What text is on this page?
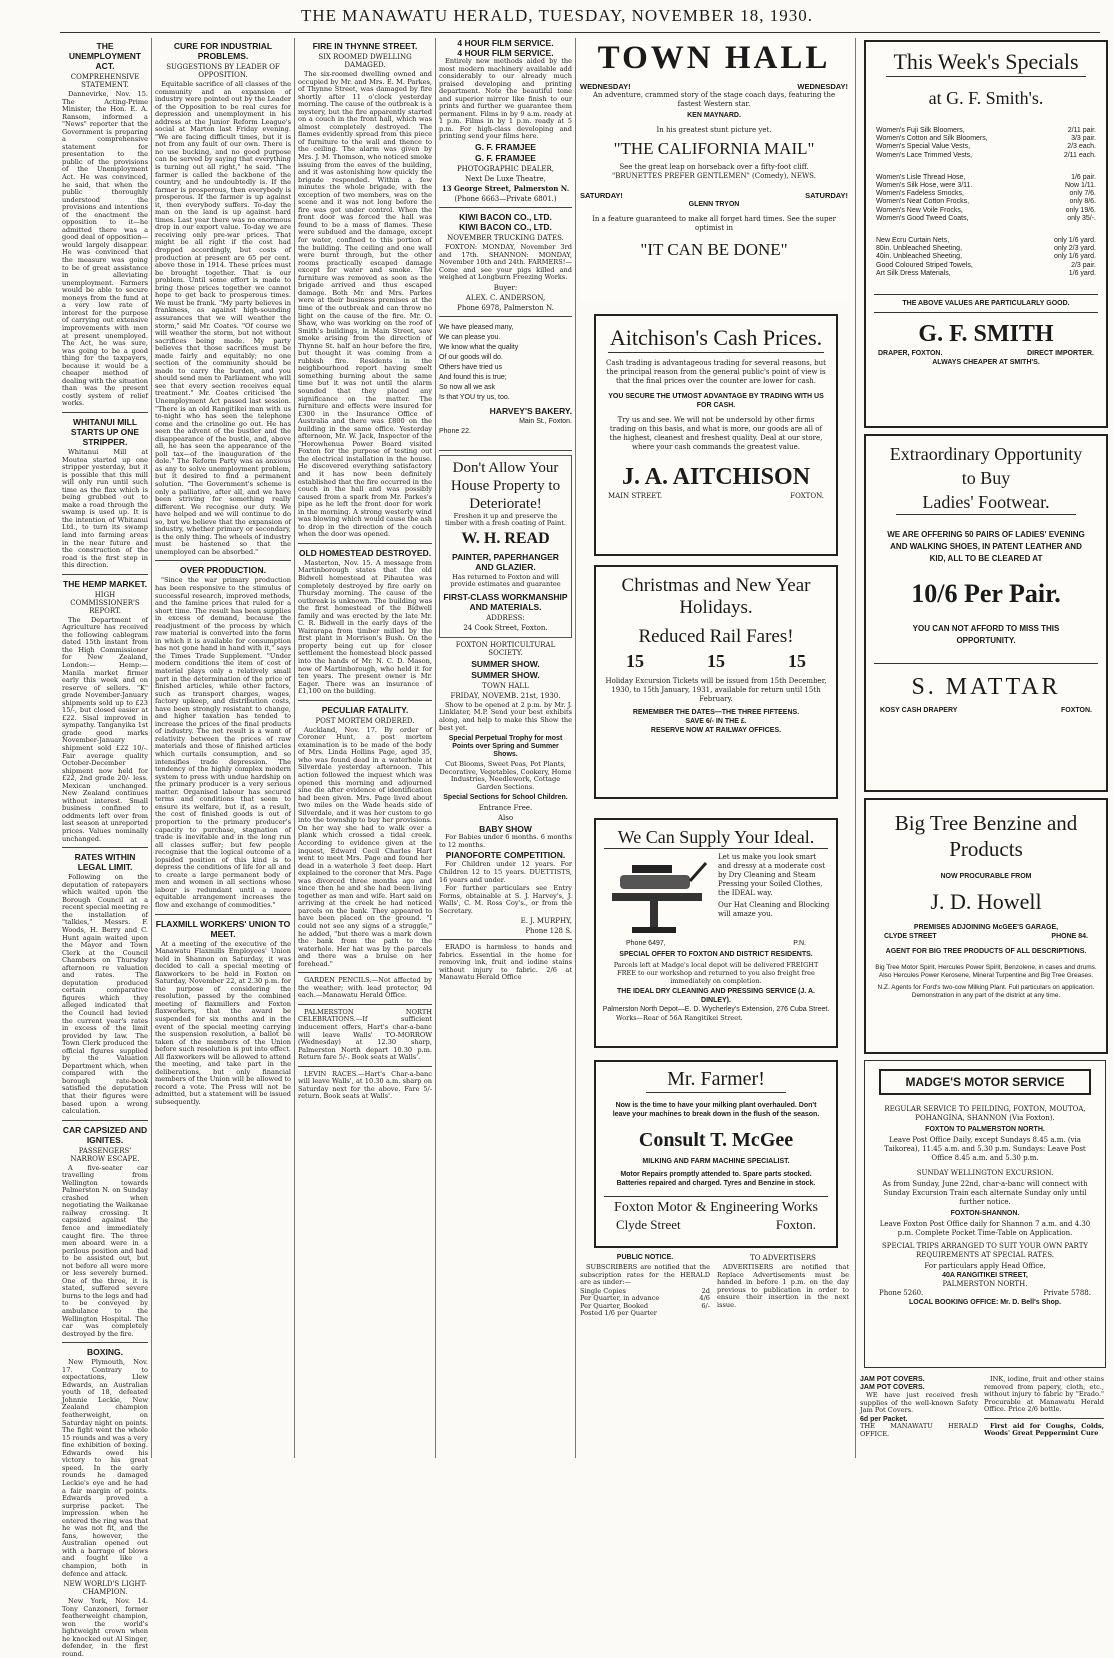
THE MANAWATU HERALD, TUESDAY, NOVEMBER 18, 1930.
THE UNEMPLOYMENT ACT.
COMPREHENSIVE STATEMENT.

Dannevirke, Nov. 15. The Acting-Prime Minister, the Hon. E. A. Ransom, informed a "News" reporter that the Government is preparing a comprehensive statement for presentation to the public of the provisions of the Unemployment Act. He was convinced, he said, that when the public thoroughly understood the provisions and intentions of the enactment the opposition to it—he admitted there was a good deal of opposition—would largely disappear. He was convinced that the measure was going to be of great assistance in alleviating unemployment. Farmers would be able to secure moneys from the fund at a very low rate of interest for the purpose of carrying out extensive improvements with men at present unemployed. The Act, he was sure, was going to be a good thing for the taxpayers, because it would be a cheaper method of dealing with the situation than was the present costly system of relief works.

WHITANUI MILL STARTS UP ONE STRIPPER.

Whitanui Mill at Moutoa started up one stripper yesterday, but it is possible that this mill will only run until such time as the flax which is being grubbed out to make a road through the swamp is used up. It is the intention of Whitanui Ltd., to turn its swamp land into farming areas in the near future and the construction of the road is the first step in this direction.

THE HEMP MARKET.
HIGH COMMISSIONER'S REPORT.

The Department of Agriculture has received the following cablegram dated 15th instant from the High Commissioner for New Zealand, London:— Hemp:—Manila market firmer early this week and on reserve of sellers. "K" grade November-January shipments sold up to £23 15/-, but closed easier at £22. Sisal improved in sympathy. Tanganyika 1st grade good marks November-January shipment sold £22 10/-. Fair average quality October-December shipment now held for £22, 2nd grade 20/- less. Mexican unchanged. New Zealand continues without interest. Small business confined to oddments left over from last season at unreported prices. Values nominally unchanged.

RATES WITHIN LEGAL LIMIT.

Following on the deputation of ratepayers which waited upon the Borough Council at a recent special meeting re the installation of "talkies," Messrs. F. Woods, H. Berry and C. Hunt again waited upon the Mayor and Town Clerk at the Council Chambers on Thursday afternoon re valuation and rates. The deputation produced certain comparative figures which they alleged indicated that the Council had levied the current year's rates in excess of the limit provided by law. The Town Clerk produced the official figures supplied by the Valuation Department which, when compared with the borough rate-book satisfied the deputation that their figures were based upon a wrong calculation.

CAR CAPSIZED AND IGNITES.
PASSENGERS' NARROW ESCAPE.

A five-seater car travelling from Wellington towards Palmerston N. on Sunday crashed when negotiating the Waikanae railway crossing. It capsized against the fence and immediately caught fire. The three men aboard were in a perilous position and had to be assisted out, but not before all were more or less severely burned. One of the three, it is stated, suffered severe burns to the legs and had to be conveyed by ambulance to the Wellington Hospital. The car was completely destroyed by the fire.

BOXING.

New Plymouth, Nov. 17. Contrary to expectations, Llew Edwards, an Australian youth of 18, defeated Johnnie Leckie, New Zealand champion featherweight, on Saturday night on points. The fight went the whole 15 rounds and was a very fine exhibition of boxing. Edwards owed his victory to his great speed. In the early rounds he damaged Leckie's eye and he had a fair margin of points. Edwards proved a surprise packet. The impression when he entered the ring was that he was not fit, and the fans, however, the Australian opened out with a barrage of blows and fought like a champion, both in defence and attack.

NEW WORLD'S LIGHT-CHAMPION.

New York, Nov. 14. Tony Canzoneri, former featherweight champion, won the world's lightweight crown when he knocked out Al Singer, defender, in the first round.

CURE FOR INDUSTRIAL PROBLEMS.
SUGGESTIONS BY LEADER OF OPPOSITION.

Equitable sacrifice of all classes of the community and an expansion of industry were pointed out by the Leader of the Opposition to be real cures for depression and unemployment in his address at the Junior Reform League's social at Marton last Friday evening. "We are facing difficult times, but it is not from any fault of our own. There is no use bucking, and no good purpose can be served by saying that everything is turning out all right," he said. "The farmer is called the backbone of the country, and he undoubtedly is. If the farmer is prosperous, then everybody is prosperous. If the farmer is up against it, then everybody suffers. To-day the man on the land is up against hard times. Last year there was no enormous drop in our export value. To-day we are receiving only pre-war prices. That might be all right if the cost had dropped accordingly, but costs of production at present are 65 per cent. above those in 1914. These prices must be brought together. That is our problem. Until some effort is made to bring those prices together we cannot hope to get back to prosperous times. We must be frank. "My party believes in frankness, as against high-sounding assurances that we will weather the storm," said Mr. Coates. "Of course we will weather the storm, but not without sacrifices being made. My party believes that those sacrifices must be made fairly and equitably; no one section of the community should be made to carry the burden, and you should send men to Parliament who will see that every section receives equal treatment." Mr. Coates criticised the Unemployment Act passed last session. "There is an old Rangitikei man with us to-night who has seen the telephone come and the crinoline go out. He has seen the advent of the bustler and the disappearance of the bustle, and, above all, he has seen the appearance of the poll tax—of the inauguration of the dole." The Reform Party was as anxious as any to solve unemployment problem, but it desired to find a permanent solution. "The Government's scheme is only a palliative, after all, and we have been striving for something really different. We recognise our duty. We have helped and we will continue to do so, but we believe that the expansion of industry, whether primary or secondary, is the only thing. The wheels of industry must be hastened so that the unemployed can be absorbed."

OVER PRODUCTION.

"Since the war primary production has been responsive to the stimulus of successful research, improved methods, and the famine prices that ruled for a short time. The result has been supplies in excess of demand, because the readjustment of the process by which raw material is converted into the form in which it is available for consumption has not gone hand in hand with it," says the Times Trade Supplement. "Under modern conditions the item of cost of material plays only a relatively small part in the determination of the price of finished articles, while other factors, such as transport charges, wages, factory upkeep, and distribution costs, have been strongly resistant to change, and higher taxation has tended to increase the prices of the final products of industry. The net result is a want of relativity between the prices of raw materials and those of finished articles which curtails consumption, and so intensifies trade depression. The tendency of the highly complex modern system to press with undue hardship on the primary producer is a very serious matter. Organised labour has secured terms and conditions that seem to ensure its welfare, but if, as a result, the cost of finished goods is out of proportion to the primary producer's capacity to purchase, stagnation of trade is inevitable and in the long run all classes suffer; but few people recognise that the logical outcome of a lopsided position of this kind is to depress the conditions of life for all and to create a large permanent body of men and women in all sections whose labour is redundant until a more equitable arrangement increases the flow and exchange of commodities."

FLAXMILL WORKERS' UNION TO MEET.

At a meeting of the executive of the Manawatu Flaxmills Employees' Union held in Shannon on Saturday, it was decided to call a special meeting of flaxworkers to be held in Foxton on Saturday, November 22, at 2.30 p.m. for the purpose of considering the resolution, passed by the combined meeting of flaxmillers and Foxton flaxworkers, that the award be suspended for six months and in the event of the special meeting carrying the suspension resolution, a ballot be taken of the members of the Union before such resolution is put into effect. All flaxworkers will be allowed to attend the meeting, and take part in the deliberations, but only financial members of the Union will be allowed to record a vote. The Press will not be admitted, but a statement will be issued subsequently.

FIRE IN THYNNE STREET.
SIX ROOMED DWELLING DAMAGED.

The six-roomed dwelling owned and occupied by Mr. and Mrs. E. M. Parkes, of Thynne Street, was damaged by fire shortly after 11 o'clock yesterday morning. The cause of the outbreak is a mystery, but the fire apparently started on a couch in the front hall, which was almost completely destroyed. The flames evidently spread from this piece of furniture to the wall and thence to the ceiling. The alarm was given by Mrs. J. M. Thomson, who noticed smoke issuing from the eaves of the building, and it was astonishing how quickly the brigade responded. Within a few minutes the whole brigade, with the exception of two members, was on the scene and it was not long before the fire was got under control. When the front door was forced the hall was found to be a mass of flames. These were subdued and the damage, except for water, confined to this portion of the building. The ceiling and one wall were burnt through, but the other rooms practically escaped damage except for water and smoke. The furniture was removed as soon as the brigade arrived and thus escaped damage. Both Mr. and Mrs. Parkes were at their business premises at the time of the outbreak and can throw no light on the cause of the fire. Mr. O. Shaw, who was working on the roof of Smith's buildings, in Main Street, saw smoke arising from the direction of Thynne St. half an hour before the fire, but thought it was coming from a rubbish fire. Residents in the neighbourhood report having smelt something burning about the same time but it was not until the alarm sounded that they placed any significance on the matter. The furniture and effects were insured for £300 in the Insurance Office of Australia and there was £800 on the building in the same office. Yesterday afternoon, Mr. W. Jack, Inspector of the "Horowhenua Power Board visited Foxton for the purpose of testing out the electrical installation in the house. He discovered everything satisfactory and it has now been definitely established that the fire occurred in the couch in the hall and was possibly caused from a spark from Mr. Parkes's pipe as he left the front door for work in the morning. A strong westerly wind was blowing which would cause the ash to drop in the direction of the couch when the door was opened.

OLD HOMESTEAD DESTROYED.

Masterton, Nov. 15. A message from Martinborough states that the old Bidwell homestead at Pihautea was completely destroyed by fire early on Thursday morning. The cause of the outbreak is unknown. The building was the first homestead of the Bidwell family and was erected by the late Mr. C. R. Bidwell in the early days of the Wairarapa from timber milled by the first plant in Morrison's Bush. On the property being cut up for closer settlement the homestead block passed into the hands of Mr. N. C. D. Mason, now of Martinborough, who held it for ten years. The present owner is Mr. Eager. There was an insurance of £1,100 on the building.

PECULIAR FATALITY.
POST MORTEM ORDERED.

Auckland, Nov. 17. By order of Coroner Hunt, a post mortem examination is to be made of the body of Mrs. Linda Hollins Page, aged 35, who was found dead in a waterhole at Silverdale yesterday afternoon. This action followed the inquest which was opened this morning and adjourned sine die after evidence of identification had been given. Mrs. Page lived about two miles on the Wade heads side of Silverdale, and it was her custom to go into the township to buy her provisions. On her way she had to walk over a plank which crossed a tidal creek. According to evidence given at the inquest, Edward Cecil Charles Hart went to meet Mrs. Page and found her dead in a waterhole 3 feet deep. Hart explained to the coroner that Mrs. Page was divorced three months ago and since then he and she had been living together as man and wife. Hart said on arriving at the creek he had noticed parcels on the bank. They appeared to have been placed on the ground. "I could not see any signs of a struggle," he added, "but there was a mark down the bank from the path to the waterhole. Her hat was by the parcels and there was a bruise on her forehead."

GARDEN PENCILS.—Not affected by the weather; with lead protector, 9d each.—Manawatu Herald Office.

PALMERSTON NORTH CELEBRATIONS.—If sufficient inducement offers, Hart's char-a-banc will leave Walls' TO-MORROW (Wednesday) at 12.30 sharp, Palmerston North depart 10.30 p.m. Return fare 5/-. Book seats at Walls'.

LEVIN RACES.—Hart's Char-a-banc will leave Walls', at 10.30 a.m. sharp on Saturday next for the above. Fare 5/- return. Book seats at Walls'.

4 HOUR FILM SERVICE.
4 HOUR FILM SERVICE.

Entirely new methods aided by the most modern machinery available add considerably to our already much praised developing and printing department. Note the beautiful tone and superior mirror like finish to our prints and further we guarantee them permanent. Films in by 9 a.m. ready at 1 p.m. Films in by 1 p.m. ready at 5 p.m. For high-class developing and printing send your films here.

G. F. FRAMJEE
G. F. FRAMJEE
PHOTOGRAPHIC DEALER,
Next De Luxe Theatre,
13 George Street, Palmerston N.
(Phone 6663—Private 6801.)
KIWI BACON CO., LTD.
KIWI BACON CO., LTD.
NOVEMBER TRUCKING DATES.

FOXTON: MONDAY, November 3rd and 17th. SHANNON: MONDAY, November 10th and 24th. FARMERS!—Come and see your pigs killed and weighed at Longburn Freezing Works.

Buyer:
ALEX. C. ANDERSON,
Phone 6978, Palmerston N.
We have pleased many,
We can please you.
We know what the quality
Of our goods will do.
Others have tried us
And found this is true;
So now all we ask
Is that YOU try us, too.
HARVEY'S BAKERY.
Main St., Foxton.
Phone 22.
Don't Allow Your House Property to Deteriorate!

Freshen it up and preserve the timber with a fresh coating of Paint.

W. H. READ
PAINTER, PAPERHANGER AND GLAZIER.

Has returned to Foxton and will provide estimates and guarantee

FIRST-CLASS WORKMANSHIP AND MATERIALS.
ADDRESS:
24 Cook Street, Foxton.
FOXTON HORTICULTURAL SOCIETY.
SUMMER SHOW.
SUMMER SHOW.
TOWN HALL
FRIDAY, NOVEMB. 21st, 1930.

Show to be opened at 2 p.m. by Mr. J. Linklater, M.P. Send your best exhibits along, and help to make this Show the best yet.

Special Perpetual Trophy for most Points over Spring and Summer Shows.

Cut Blooms, Sweet Peas, Pot Plants, Decorative, Vegetables, Cookery, Home Industries, Needlework, Cottage Garden Sections.

Special Sections for School Children.
Entrance Free.
Also
BABY SHOW

For Babies under 6 months. 6 months to 12 months.

PIANOFORTE COMPETITION.

For Children under 12 years. For Children 12 to 15 years. DUETTISTS, 16 years and under.

For further particulars see Entry Forms, obtainable at S. J. Harvey's, J. Walls', C. M. Ross Coy's., or from the Secretary.

E. J. MURPHY,
Phone 128 S.

ERADO is harmless to hands and fabrics. Essential in the home for removing ink, fruit and iodine stains without injury to fabric. 2/6 at Manawatu Herald Office

TOWN HALL
WEDNESDAY!	WEDNESDAY!
An adventure, crammed story of the stage coach days, featuring the fastest Western star.
KEN MAYNARD.
In his greatest stunt picture yet.
"THE CALIFORNIA MAIL"
See the great leap on horseback over a fifty-foot cliff.
"BRUNETTES PREFER GENTLEMEN" (Comedy), NEWS.
SATURDAY!	SATURDAY!
GLENN TRYON
In a feature guaranteed to make all forget hard times. See the super optimist in
"IT CAN BE DONE"
Aitchison's Cash Prices.
Cash trading is advantageous trading for several reasons, but the principal reason from the general public's point of view is that the final prices over the counter are lower for cash.
YOU SECURE THE UTMOST ADVANTAGE BY TRADING WITH US FOR CASH.
Try us and see. We will not be undersold by other firms trading on this basis, and what is more, our goods are all of the highest, cleanest and freshest quality. Deal at our store, where your cash commands the greatest value.
J. A. AITCHISON
MAIN STREET.	FOXTON.
Christmas and New Year Holidays.
Reduced Rail Fares!
15	15	15
Holiday Excursion Tickets will be issued from 15th December, 1930, to 15th January, 1931, available for return until 15th February.
REMEMBER THE DATES—THE THREE FIFTEENS.
SAVE 6/- IN THE £.
RESERVE NOW AT RAILWAY OFFICES.
We Can Supply Your Ideal.
Let us make you look smart and dressy at a moderate cost by Dry Cleaning and Steam Pressing your Soiled Clothes, the IDEAL way.
Our Hat Cleaning and Blocking will amaze you.
Phone 6497,	P.N.
SPECIAL OFFER TO FOXTON AND DISTRICT RESIDENTS.
Parcels left at Madge's local depot will be delivered FREIGHT FREE to our workshop and returned to you also freight free immediately on completion.
THE IDEAL DRY CLEANING AND PRESSING SERVICE (J. A. DINLEY).
Palmerston North Depot—E. D. Wycherley's Extension, 276 Cuba Street.
Works—Rear of 56A Rangitikei Street.
Mr. Farmer!
Now is the time to have your milking plant overhauled. Don't leave your machines to break down in the flush of the season.
Consult T. McGee
MILKING AND FARM MACHINE SPECIALIST.
Motor Repairs promptly attended to. Spare parts stocked. Batteries repaired and charged. Tyres and Benzine in stock.
Foxton Motor & Engineering Works
Clyde Street	Foxton.
PUBLIC NOTICE.

SUBSCRIBERS are notified that the subscription rates for the HERALD are as under:—

Single Copies	2d
Per Quarter, in advance	4/6
Per Quarter, Booked	6/-
Posted 1/6 per Quarter
TO ADVERTISERS

ADVERTISERS are notified that Replace Advertisements must be handed in before 1 p.m. on the day previous to publication in order to ensure their insertion in the next issue.

This Week's Specials
at G. F. Smith's.
Women's Fuji Silk Bloomers,	2/11 pair.
Women's Cotton and Silk Bloomers,	3/3 pair.
Women's Special Value Vests,	2/3 each.
Women's Lace Trimmed Vests,	2/11 each.
Women's Lisle Thread Hose,	1/6 pair.
Women's Silk Hose, were 3/11.	Now 1/11.
Women's Fadeless Smocks,	only 7/6.
Women's Neat Cotton Frocks,	only 8/6.
Women's New Voile Frocks,	only 19/6.
Women's Good Tweed Coats,	only 35/-.
New Ecru Curtain Nets,	only 1/6 yard.
80in. Unbleached Sheeting,	only 2/3 yard.
40in. Unbleached Sheeting,	only 1/6 yard.
Good Coloured Striped Towels,	2/3 pair.
Art Silk Dress Materials,	1/6 yard.
THE ABOVE VALUES ARE PARTICULARLY GOOD.
G. F. SMITH
DRAPER, FOXTON.	DIRECT IMPORTER.
ALWAYS CHEAPER AT SMITH'S.
Extraordinary Opportunity
to Buy
Ladies' Footwear.
WE ARE OFFERING 50 PAIRS OF LADIES' EVENING AND WALKING SHOES, IN PATENT LEATHER AND KID, ALL TO BE CLEARED AT
10/6 Per Pair.
YOU CAN NOT AFFORD TO MISS THIS OPPORTUNITY.
S. MATTAR
KOSY CASH DRAPERY	FOXTON.
Big Tree Benzine and Products
NOW PROCURABLE FROM
J. D. Howell
PREMISES ADJOINING McGEE'S GARAGE,
CLYDE STREET	PHONE 84.
AGENT FOR BIG TREE PRODUCTS OF ALL DESCRIPTIONS.
Big Tree Motor Spirit, Hercules Power Spirit, Benzolene, in cases and drums. Also Hercules Power Kerosene, Mineral Turpentine and Big Tree Greases.
N.Z. Agents for Ford's two-cow Milking Plant. Full particulars on application. Demonstration in any part of the district at any time.
MADGE'S MOTOR SERVICE
REGULAR SERVICE TO FEILDING, FOXTON, MOUTOA, POHANGINA, SHANNON (Via Foxton).
FOXTON TO PALMERSTON NORTH.
Leave Post Office Daily, except Sundays 8.45 a.m. (via Taikorea), 11.45 a.m. and 5.30 p.m. Sundays: Leave Post Office 8.45 a.m. and 5.30 p.m.
SUNDAY WELLINGTON EXCURSION.
As from Sunday, June 22nd, char-a-banc will connect with Sunday Excursion Train each alternate Sunday only until further notice.
FOXTON-SHANNON.
Leave Foxton Post Office daily for Shannon 7 a.m. and 4.30 p.m. Complete Pocket Time-Table on Application.
SPECIAL TRIPS ARRANGED TO SUIT YOUR OWN PARTY REQUIREMENTS AT SPECIAL RATES.
For particulars apply Head Office,
40A RANGITIKEI STREET,
PALMERSTON NORTH.
Phone 5260.	Private 5788.
LOCAL BOOKING OFFICE: Mr. D. Bell's Shop.
JAM POT COVERS.
JAM POT COVERS.

WE have just received fresh supplies of the well-known Safety Jam Pot Covers.

6d per Packet.
THE MANAWATU HERALD OFFICE.

INK, iodine, fruit and other stains removed from papery, cloth, etc., without injury to fabric by "Erado." Procurable at Manawatu Herald Office. Price 2/6 bottle.

First aid for Coughs, Colds, Woods' Great Peppermint Cure
